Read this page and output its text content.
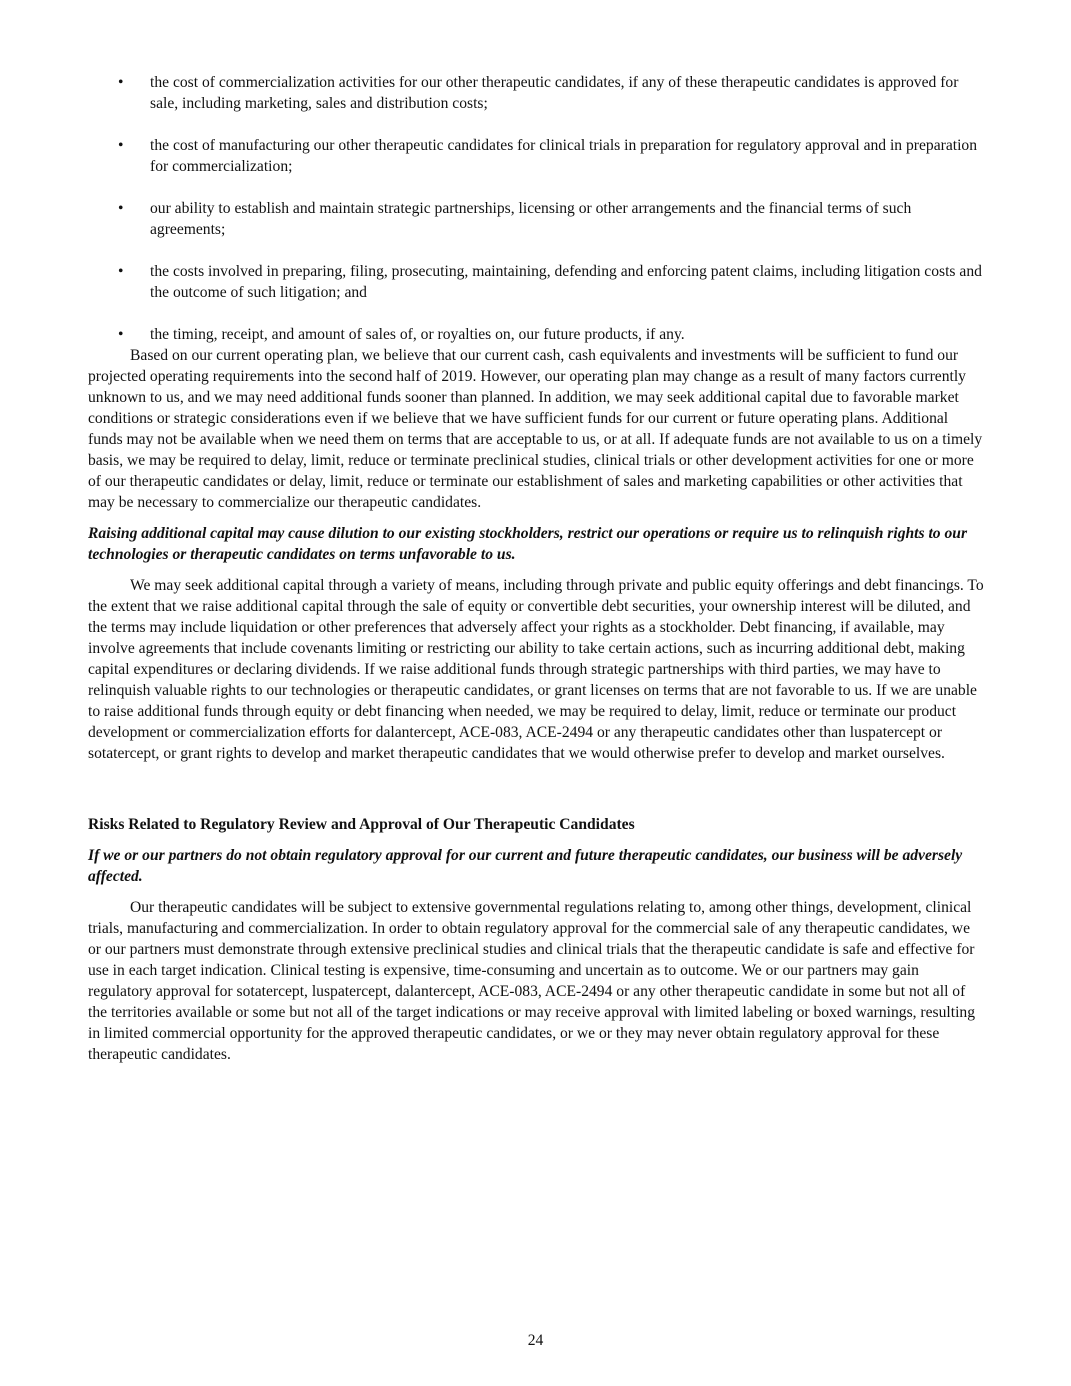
• the cost of commercialization activities for our other therapeutic candidates, if any of these therapeutic candidates is approved for sale, including marketing, sales and distribution costs;
• the cost of manufacturing our other therapeutic candidates for clinical trials in preparation for regulatory approval and in preparation for commercialization;
• our ability to establish and maintain strategic partnerships, licensing or other arrangements and the financial terms of such agreements;
• the costs involved in preparing, filing, prosecuting, maintaining, defending and enforcing patent claims, including litigation costs and the outcome of such litigation; and
• the timing, receipt, and amount of sales of, or royalties on, our future products, if any.

Based on our current operating plan, we believe that our current cash, cash equivalents and investments will be sufficient to fund our projected operating requirements into the second half of 2019. However, our operating plan may change as a result of many factors currently unknown to us, and we may need additional funds sooner than planned. In addition, we may seek additional capital due to favorable market conditions or strategic considerations even if we believe that we have sufficient funds for our current or future operating plans. Additional funds may not be available when we need them on terms that are acceptable to us, or at all. If adequate funds are not available to us on a timely basis, we may be required to delay, limit, reduce or terminate preclinical studies, clinical trials or other development activities for one or more of our therapeutic candidates or delay, limit, reduce or terminate our establishment of sales and marketing capabilities or other activities that may be necessary to commercialize our therapeutic candidates.

Raising additional capital may cause dilution to our existing stockholders, restrict our operations or require us to relinquish rights to our technologies or therapeutic candidates on terms unfavorable to us.

We may seek additional capital through a variety of means, including through private and public equity offerings and debt financings. To the extent that we raise additional capital through the sale of equity or convertible debt securities, your ownership interest will be diluted, and the terms may include liquidation or other preferences that adversely affect your rights as a stockholder. Debt financing, if available, may involve agreements that include covenants limiting or restricting our ability to take certain actions, such as incurring additional debt, making capital expenditures or declaring dividends. If we raise additional funds through strategic partnerships with third parties, we may have to relinquish valuable rights to our technologies or therapeutic candidates, or grant licenses on terms that are not favorable to us. If we are unable to raise additional funds through equity or debt financing when needed, we may be required to delay, limit, reduce or terminate our product development or commercialization efforts for dalantercept, ACE-083, ACE-2494 or any therapeutic candidates other than luspatercept or sotatercept, or grant rights to develop and market therapeutic candidates that we would otherwise prefer to develop and market ourselves.

Risks Related to Regulatory Review and Approval of Our Therapeutic Candidates
If we or our partners do not obtain regulatory approval for our current and future therapeutic candidates, our business will be adversely affected.

Our therapeutic candidates will be subject to extensive governmental regulations relating to, among other things, development, clinical trials, manufacturing and commercialization. In order to obtain regulatory approval for the commercial sale of any therapeutic candidates, we or our partners must demonstrate through extensive preclinical studies and clinical trials that the therapeutic candidate is safe and effective for use in each target indication. Clinical testing is expensive, time-consuming and uncertain as to outcome. We or our partners may gain regulatory approval for sotatercept, luspatercept, dalantercept, ACE-083, ACE-2494 or any other therapeutic candidate in some but not all of the territories available or some but not all of the target indications or may receive approval with limited labeling or boxed warnings, resulting in limited commercial opportunity for the approved therapeutic candidates, or we or they may never obtain regulatory approval for these therapeutic candidates.

24
